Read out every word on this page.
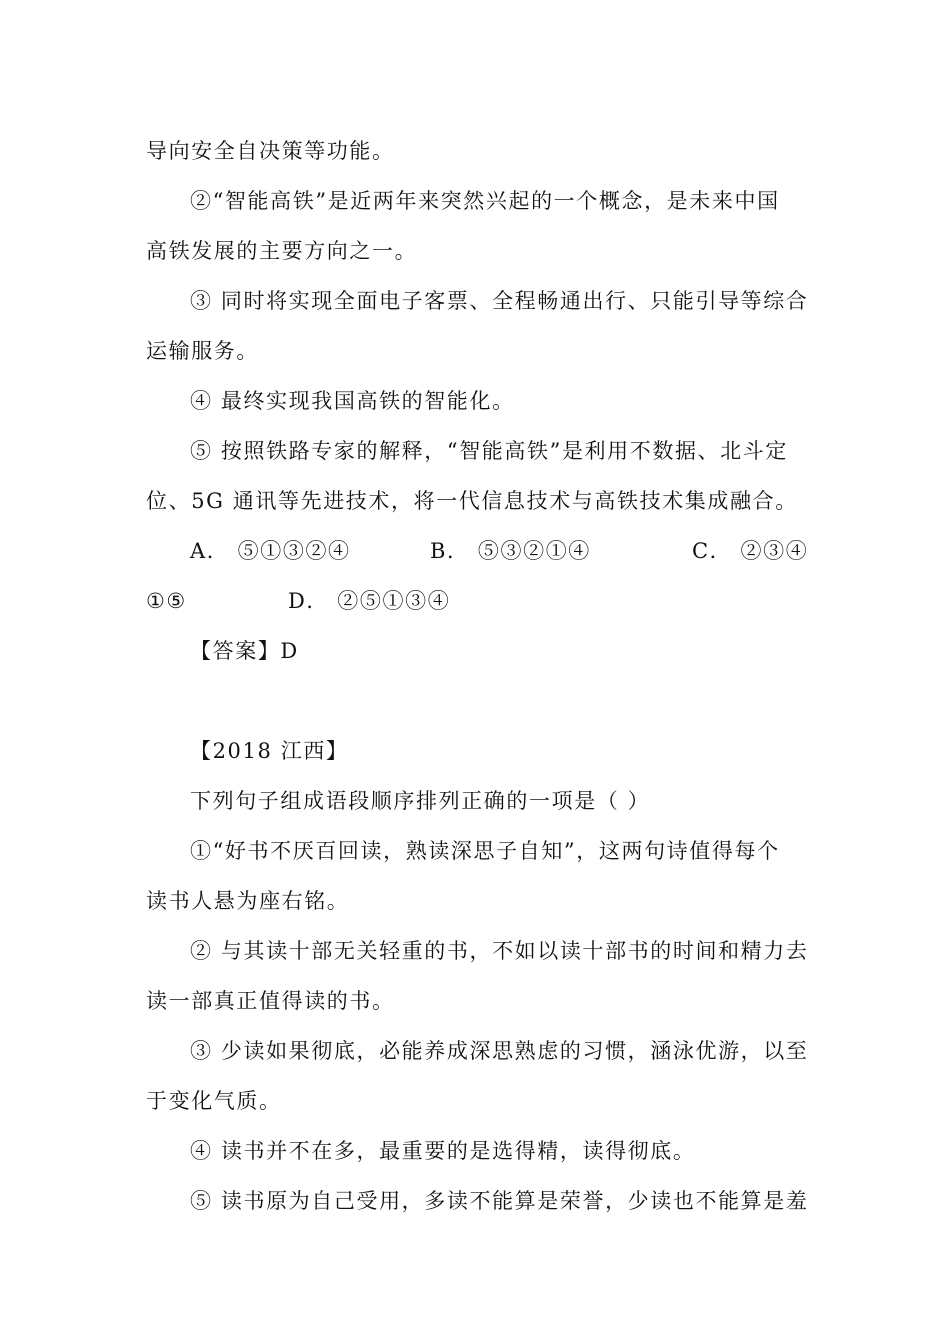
导向安全自决策等功能。
②“智能高铁”是近两年来突然兴起的一个概念，是未来中国
高铁发展的主要方向之一。
③ 同时将实现全面电子客票、全程畅通出行、只能引导等综合
运输服务。
④ 最终实现我国高铁的智能化。
⑤ 按照铁路专家的解释，“智能高铁”是利用不数据、北斗定
位、5G 通讯等先进技术，将一代信息技术与高铁技术集成融合。
A． ⑤①③②④	B． ⑤③②①④	C． ②③④
①⑤	D． ②⑤①③④
【答案】D
【2018 江西】
下列句子组成语段顺序排列正确的一项是（ ）
①“好书不厌百回读，熟读深思子自知”，这两句诗值得每个
读书人悬为座右铭。
② 与其读十部无关轻重的书，不如以读十部书的时间和精力去
读一部真正值得读的书。
③ 少读如果彻底，必能养成深思熟虑的习惯，涵泳优游，以至
于变化气质。
④ 读书并不在多，最重要的是选得精，读得彻底。
⑤ 读书原为自己受用，多读不能算是荣誉，少读也不能算是羞
